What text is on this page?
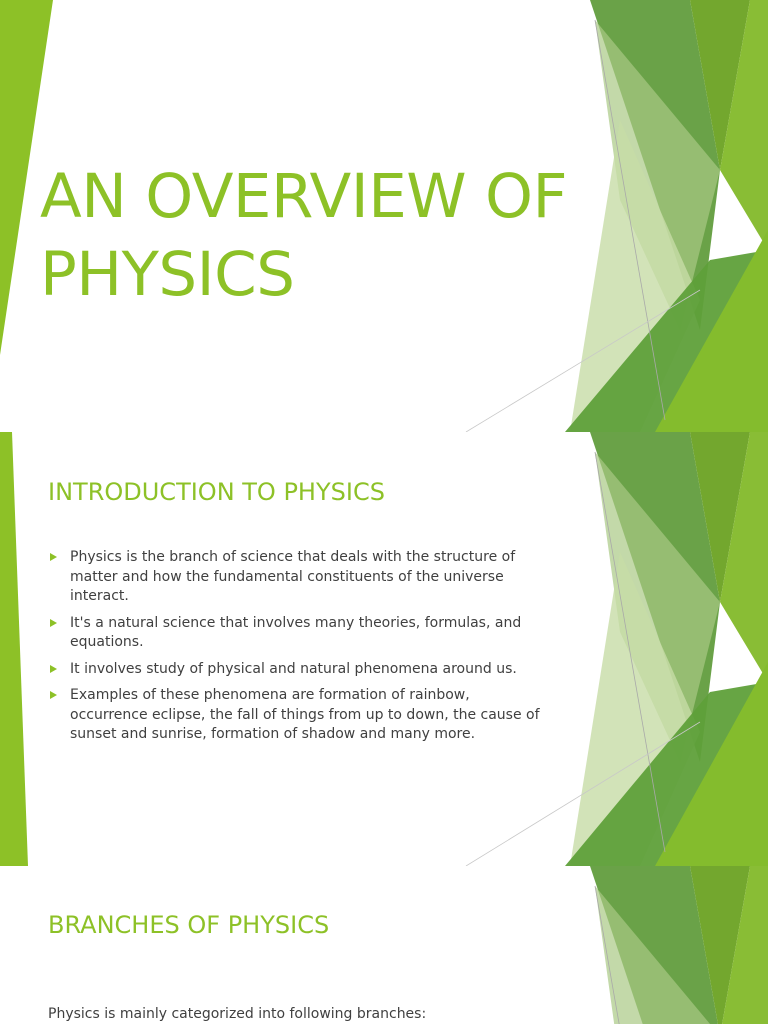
AN OVERVIEW OF
PHYSICS
INTRODUCTION TO PHYSICS
Physics is the branch of science that deals with the structure of matter and how the fundamental constituents of the universe interact.
It's a natural science that involves many theories, formulas, and equations.
It involves study of physical and natural phenomena around us.
Examples of these phenomena are formation of rainbow, occurrence eclipse, the fall of things from up to down, the cause of sunset and sunrise, formation of shadow and many more.
BRANCHES OF PHYSICS

Physics is mainly categorized into following branches:
